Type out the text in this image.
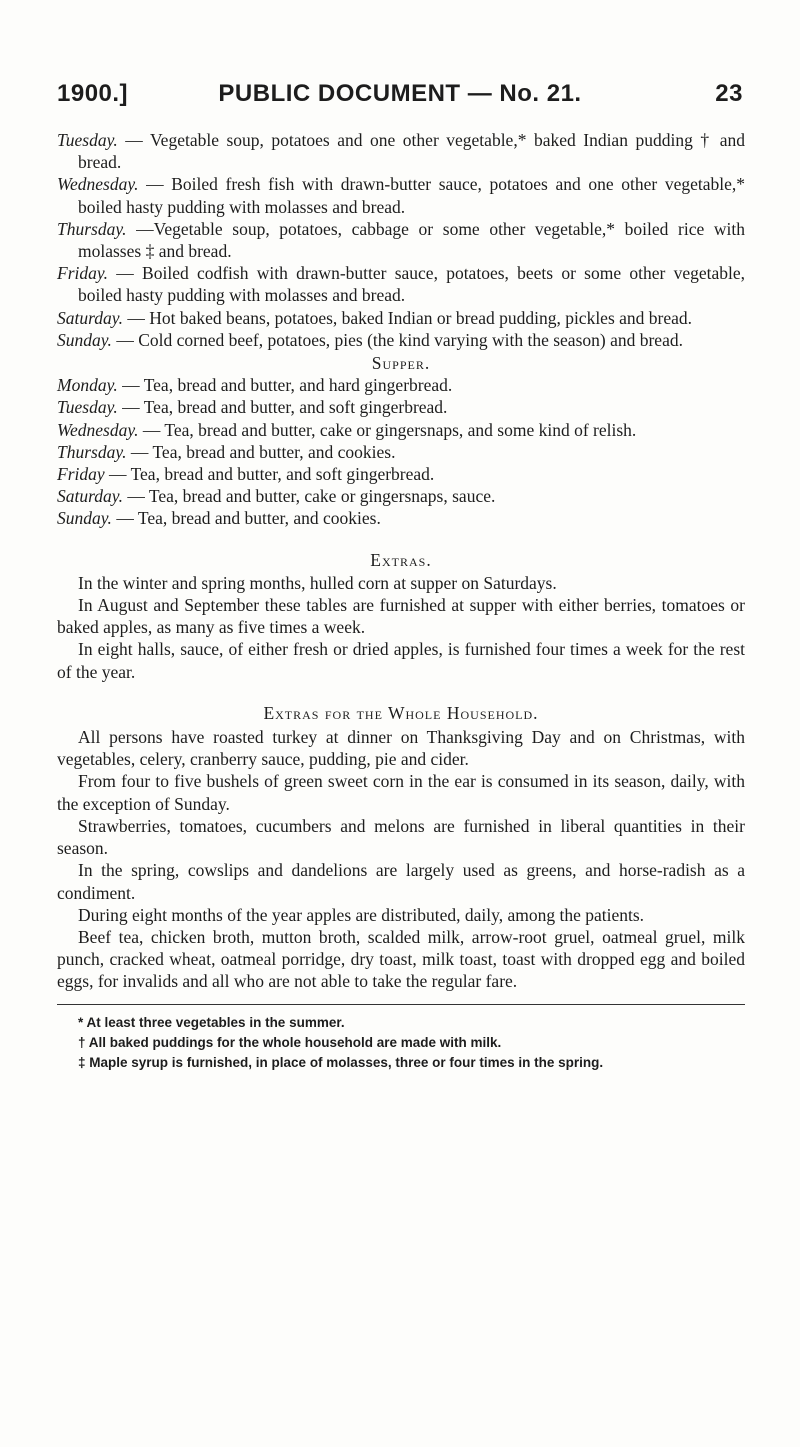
1900.]	PUBLIC DOCUMENT — No. 21.	23

Tuesday. — Vegetable soup, potatoes and one other vegetable,* baked Indian pudding † and bread.

Wednesday. — Boiled fresh fish with drawn-butter sauce, potatoes and one other vegetable,* boiled hasty pudding with molasses and bread.

Thursday. —Vegetable soup, potatoes, cabbage or some other vegetable,* boiled rice with molasses ‡ and bread.

Friday. — Boiled codfish with drawn-butter sauce, potatoes, beets or some other vegetable, boiled hasty pudding with molasses and bread.

Saturday. — Hot baked beans, potatoes, baked Indian or bread pudding, pickles and bread.

Sunday. — Cold corned beef, potatoes, pies (the kind varying with the season) and bread.

Supper.

Monday. — Tea, bread and butter, and hard gingerbread.

Tuesday. — Tea, bread and butter, and soft gingerbread.

Wednesday. — Tea, bread and butter, cake or gingersnaps, and some kind of relish.

Thursday. — Tea, bread and butter, and cookies.

Friday — Tea, bread and butter, and soft gingerbread.

Saturday. — Tea, bread and butter, cake or gingersnaps, sauce.

Sunday. — Tea, bread and butter, and cookies.

Extras.

In the winter and spring months, hulled corn at supper on Saturdays.

In August and September these tables are furnished at supper with either berries, tomatoes or baked apples, as many as five times a week.

In eight halls, sauce, of either fresh or dried apples, is furnished four times a week for the rest of the year.

Extras for the Whole Household.

All persons have roasted turkey at dinner on Thanksgiving Day and on Christmas, with vegetables, celery, cranberry sauce, pudding, pie and cider.

From four to five bushels of green sweet corn in the ear is consumed in its season, daily, with the exception of Sunday.

Strawberries, tomatoes, cucumbers and melons are furnished in liberal quantities in their season.

In the spring, cowslips and dandelions are largely used as greens, and horse-radish as a condiment.

During eight months of the year apples are distributed, daily, among the patients.

Beef tea, chicken broth, mutton broth, scalded milk, arrow-root gruel, oatmeal gruel, milk punch, cracked wheat, oatmeal porridge, dry toast, milk toast, toast with dropped egg and boiled eggs, for invalids and all who are not able to take the regular fare.

* At least three vegetables in the summer.

† All baked puddings for the whole household are made with milk.

‡ Maple syrup is furnished, in place of molasses, three or four times in the spring.
